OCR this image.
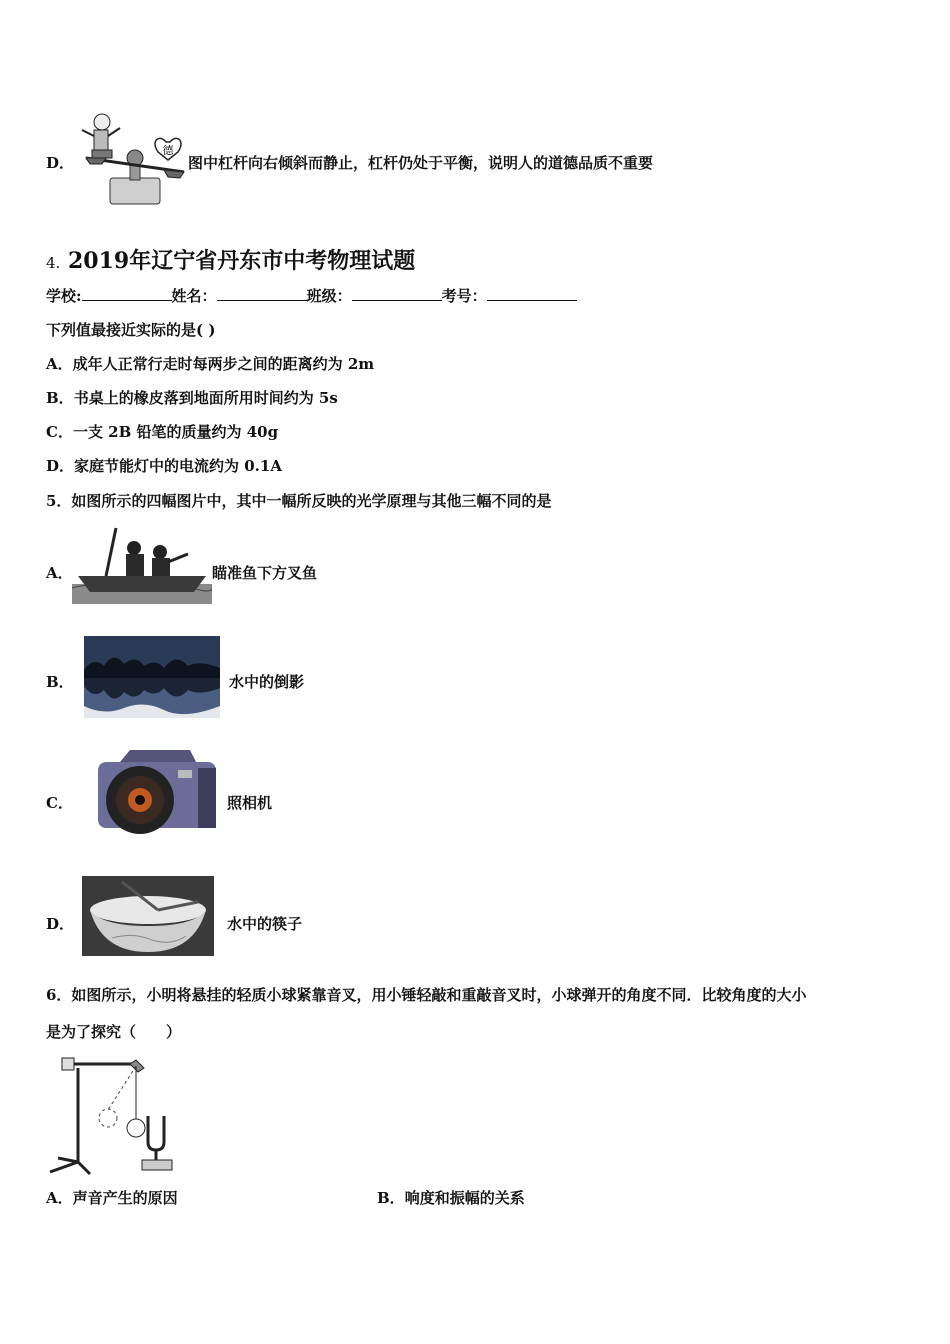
D．
德
图中杠杆向右倾斜而静止，杠杆仍处于平衡，说明人的道德品质不重要
4. 2019年辽宁省丹东市中考物理试题
学校:	姓名：	班级：	考号：
下列值最接近实际的是( )
A．成年人正常行走时每两步之间的距离约为 2m
B．书桌上的橡皮落到地面所用时间约为 5s
C．一支 2B 铅笔的质量约为 40g
D．家庭节能灯中的电流约为 0.1A
5．如图所示的四幅图片中，其中一幅所反映的光学原理与其他三幅不同的是
A．	瞄准鱼下方叉鱼
B．	水中的倒影
C．	照相机
D．	水中的筷子
6．如图所示，小明将悬挂的轻质小球紧靠音叉，用小锤轻敲和重敲音叉时，小球弹开的角度不同．比较角度的大小
是为了探究（　　）
A．声音产生的原因	B．响度和振幅的关系
